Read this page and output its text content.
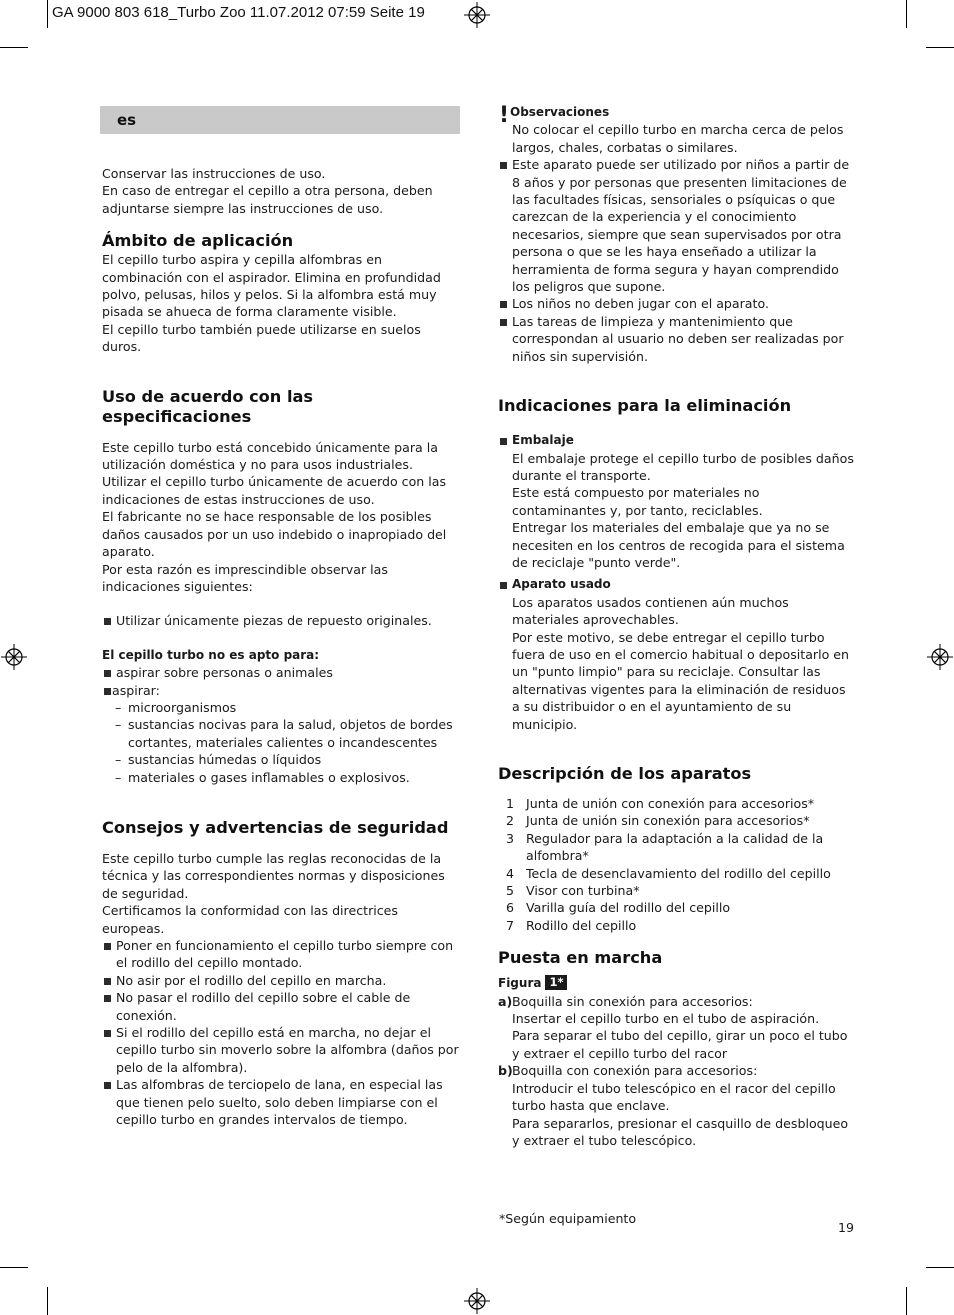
GA 9000 803 618_Turbo Zoo 11.07.2012 07:59 Seite 19
es

Conservar las instrucciones de uso.

En caso de entregar el cepillo a otra persona, deben adjuntarse siempre las instrucciones de uso.

Ámbito de aplicación

El cepillo turbo aspira y cepilla alfombras en combinación con el aspirador. Elimina en profundidad polvo, pelusas, hilos y pelos. Si la alfombra está muy pisada se ahueca de forma claramente visible.

El cepillo turbo también puede utilizarse en suelos duros.

Uso de acuerdo con las especificaciones

Este cepillo turbo está concebido únicamente para la utilización doméstica y no para usos industriales.

Utilizar el cepillo turbo únicamente de acuerdo con las indicaciones de estas instrucciones de uso.

El fabricante no se hace responsable de los posibles daños causados por un uso indebido o inapropiado del aparato.

Por esta razón es imprescindible observar las indicaciones siguientes:

Utilizar únicamente piezas de repuesto originales.

El cepillo turbo no es apto para:

aspirar sobre personas o animales

aspirar:

– microorganismos

– sustancias nocivas para la salud, objetos de bordes cortantes, materiales calientes o incandescentes

– sustancias húmedas o líquidos

– materiales o gases inflamables o explosivos.

Consejos y advertencias de seguridad

Este cepillo turbo cumple las reglas reconocidas de la técnica y las correspondientes normas y disposiciones de seguridad.

Certificamos la conformidad con las directrices europeas.

Poner en funcionamiento el cepillo turbo siempre con el rodillo del cepillo montado.

No asir por el rodillo del cepillo en marcha.

No pasar el rodillo del cepillo sobre el cable de conexión.

Si el rodillo del cepillo está en marcha, no dejar el cepillo turbo sin moverlo sobre la alfombra (daños por pelo de la alfombra).

Las alfombras de terciopelo de lana, en especial las que tienen pelo suelto, solo deben limpiarse con el cepillo turbo en grandes intervalos de tiempo.

! Observaciones

No colocar el cepillo turbo en marcha cerca de pelos largos, chales, corbatas o similares.

Este aparato puede ser utilizado por niños a partir de 8 años y por personas que presenten limitaciones de las facultades físicas, sensoriales o psíquicas o que carezcan de la experiencia y el conocimiento necesarios, siempre que sean supervisados por otra persona o que se les haya enseñado a utilizar la herramienta de forma segura y hayan comprendido los peligros que supone.

Los niños no deben jugar con el aparato.

Las tareas de limpieza y mantenimiento que correspondan al usuario no deben ser realizadas por niños sin supervisión.

Indicaciones para la eliminación

Embalaje

El embalaje protege el cepillo turbo de posibles daños durante el transporte.

Este está compuesto por materiales no contaminantes y, por tanto, reciclables.

Entregar los materiales del embalaje que ya no se necesiten en los centros de recogida para el sistema de reciclaje "punto verde".

Aparato usado

Los aparatos usados contienen aún muchos materiales aprovechables.

Por este motivo, se debe entregar el cepillo turbo fuera de uso en el comercio habitual o depositarlo en un "punto limpio" para su reciclaje. Consultar las alternativas vigentes para la eliminación de residuos a su distribuidor o en el ayuntamiento de su municipio.

Descripción de los aparatos

1 Junta de unión con conexión para accesorios*

2 Junta de unión sin conexión para accesorios*

3 Regulador para la adaptación a la calidad de la alfombra*

4 Tecla de desenclavamiento del rodillo del cepillo

5 Visor con turbina*

6 Varilla guía del rodillo del cepillo

7 Rodillo del cepillo

Puesta en marcha

Figura 1*

a) Boquilla sin conexión para accesorios:

Insertar el cepillo turbo en el tubo de aspiración.

Para separar el tubo del cepillo, girar un poco el tubo y extraer el cepillo turbo del racor

b) Boquilla con conexión para accesorios:

Introducir el tubo telescópico en el racor del cepillo turbo hasta que enclave.

Para separarlos, presionar el casquillo de desbloqueo y extraer el tubo telescópico.

*Según equipamiento
19
